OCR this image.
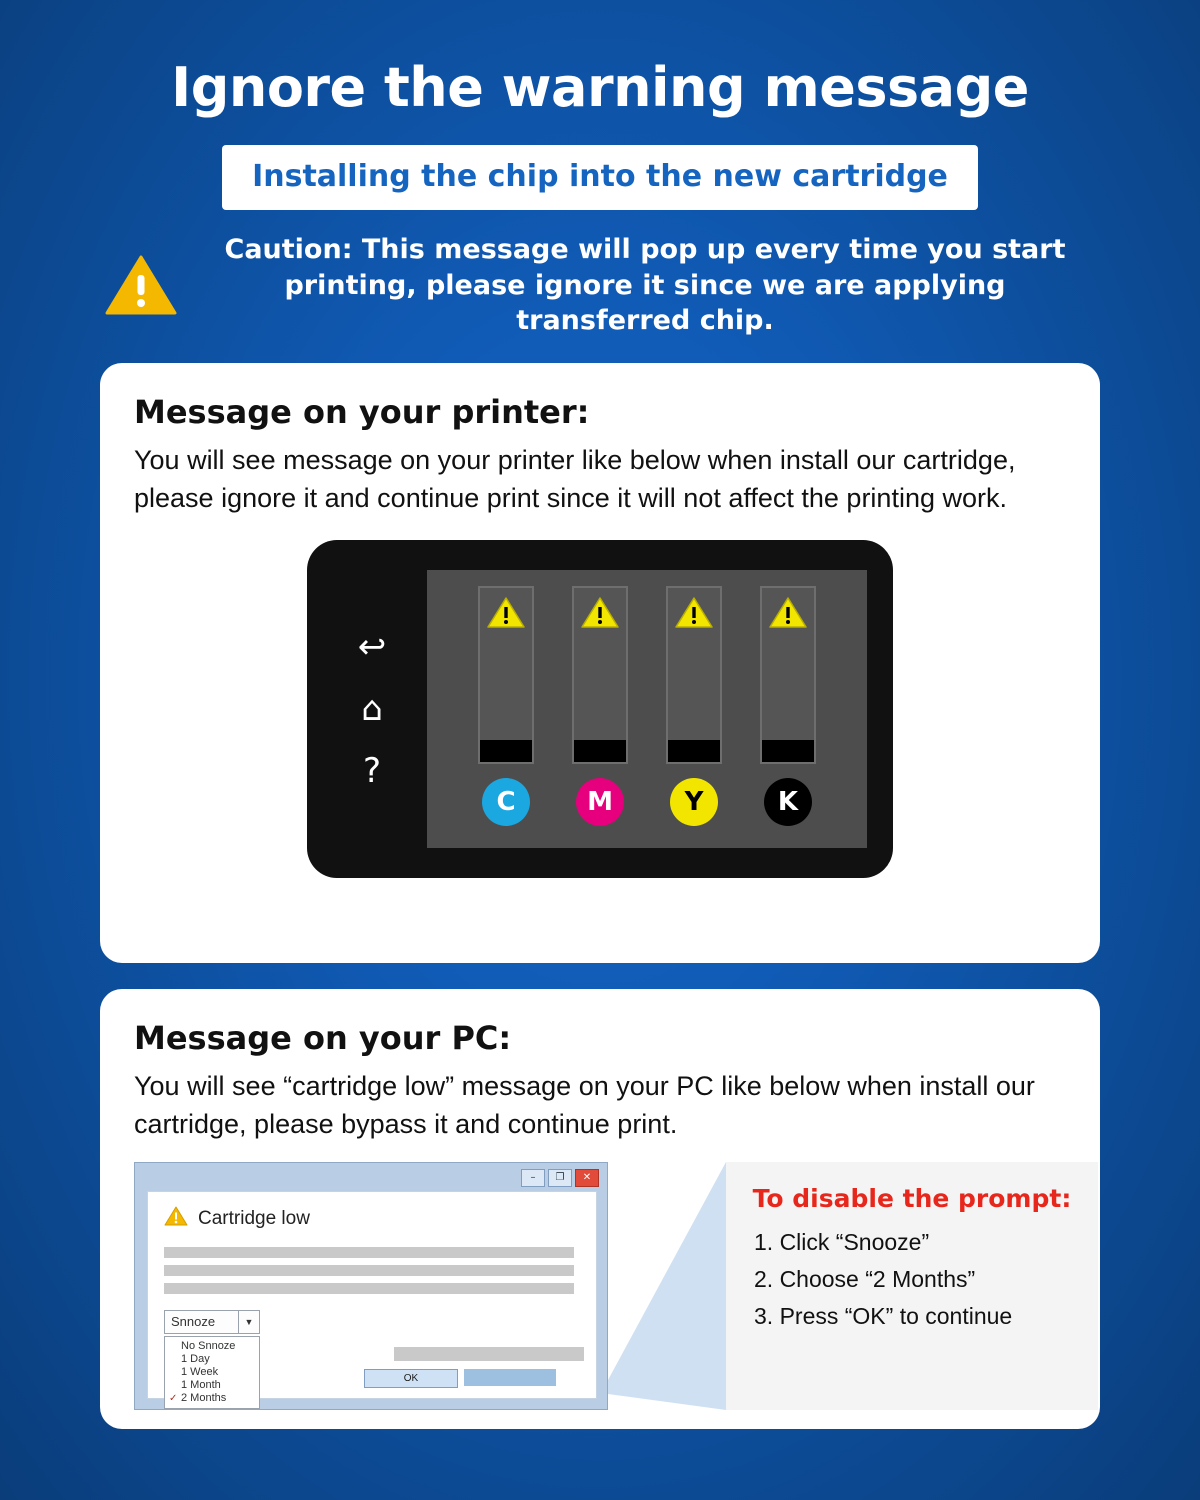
Ignore the warning message
Installing the chip into the new cartridge
Caution: This message will pop up every time you start printing, please ignore it since we are applying transferred chip.
Message on your printer:

You will see message on your printer like below when install our cartridge, please ignore it and continue print since it will not affect the printing work.

↩
⌂
?
C	M	Y	K
Message on your PC:

You will see “cartridge low” message on your PC like below when install our cartridge, please bypass it and continue print.

–	❐	✕
Cartridge low
Snnoze	▼
No Snnoze
1 Day
1 Week
1 Month
✓ 2 Months
OK
To disable the prompt:
1. Click “Snooze”
2. Choose “2 Months”
3. Press “OK” to continue
